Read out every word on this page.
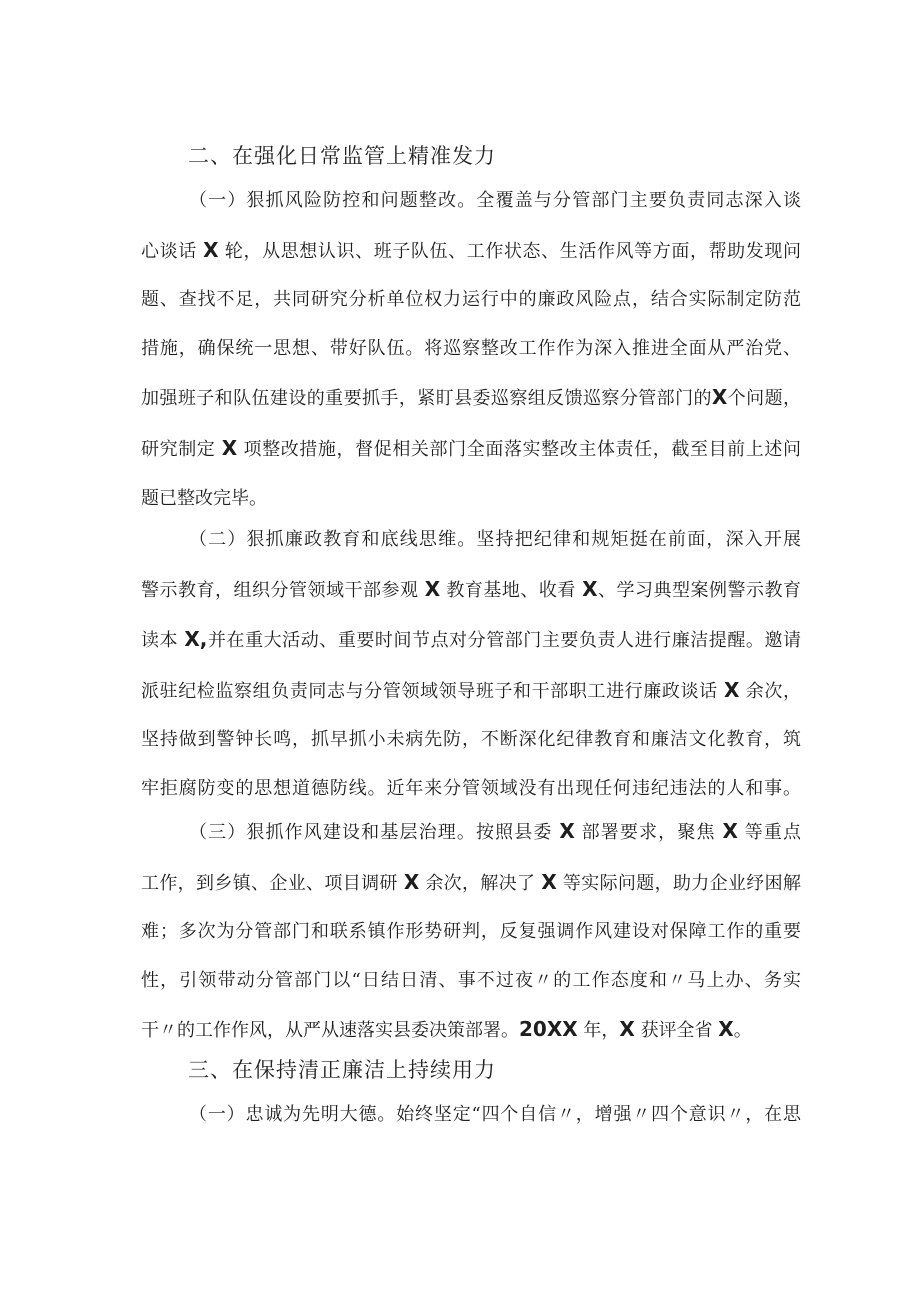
二、在强化日常监管上精准发力
（一）狠抓风险防控和问题整改。全覆盖与分管部门主要负责同志深入谈
心谈话 X 轮，从思想认识、班子队伍、工作状态、生活作风等方面，帮助发现问
题、查找不足，共同研究分析单位权力运行中的廉政风险点，结合实际制定防范
措施，确保统一思想、带好队伍。将巡察整改工作作为深入推进全面从严治党、
加强班子和队伍建设的重要抓手，紧盯县委巡察组反馈巡察分管部门的X个问题，
研究制定 X 项整改措施，督促相关部门全面落实整改主体责任，截至目前上述问
题已整改完毕。
（二）狠抓廉政教育和底线思维。坚持把纪律和规矩挺在前面，深入开展
警示教育，组织分管领域干部参观 X 教育基地、收看 X、学习典型案例警示教育
读本 X,并在重大活动、重要时间节点对分管部门主要负责人进行廉洁提醒。邀请
派驻纪检监察组负责同志与分管领域领导班子和干部职工进行廉政谈话 X 余次，
坚持做到警钟长鸣，抓早抓小未病先防，不断深化纪律教育和廉洁文化教育，筑
牢拒腐防变的思想道德防线。近年来分管领域没有出现任何违纪违法的人和事。
（三）狠抓作风建设和基层治理。按照县委 X 部署要求，聚焦 X 等重点
工作，到乡镇、企业、项目调研 X 余次，解决了 X 等实际问题，助力企业纾困解
难；多次为分管部门和联系镇作形势研判，反复强调作风建设对保障工作的重要
性，引领带动分管部门以“日结日清、事不过夜〃的工作态度和〃马上办、务实
干〃的工作作风，从严从速落实县委决策部署。20XX 年，X 获评全省 X。
三、在保持清正廉洁上持续用力
（一）忠诚为先明大德。始终坚定“四个自信〃，增强〃四个意识〃，在思
